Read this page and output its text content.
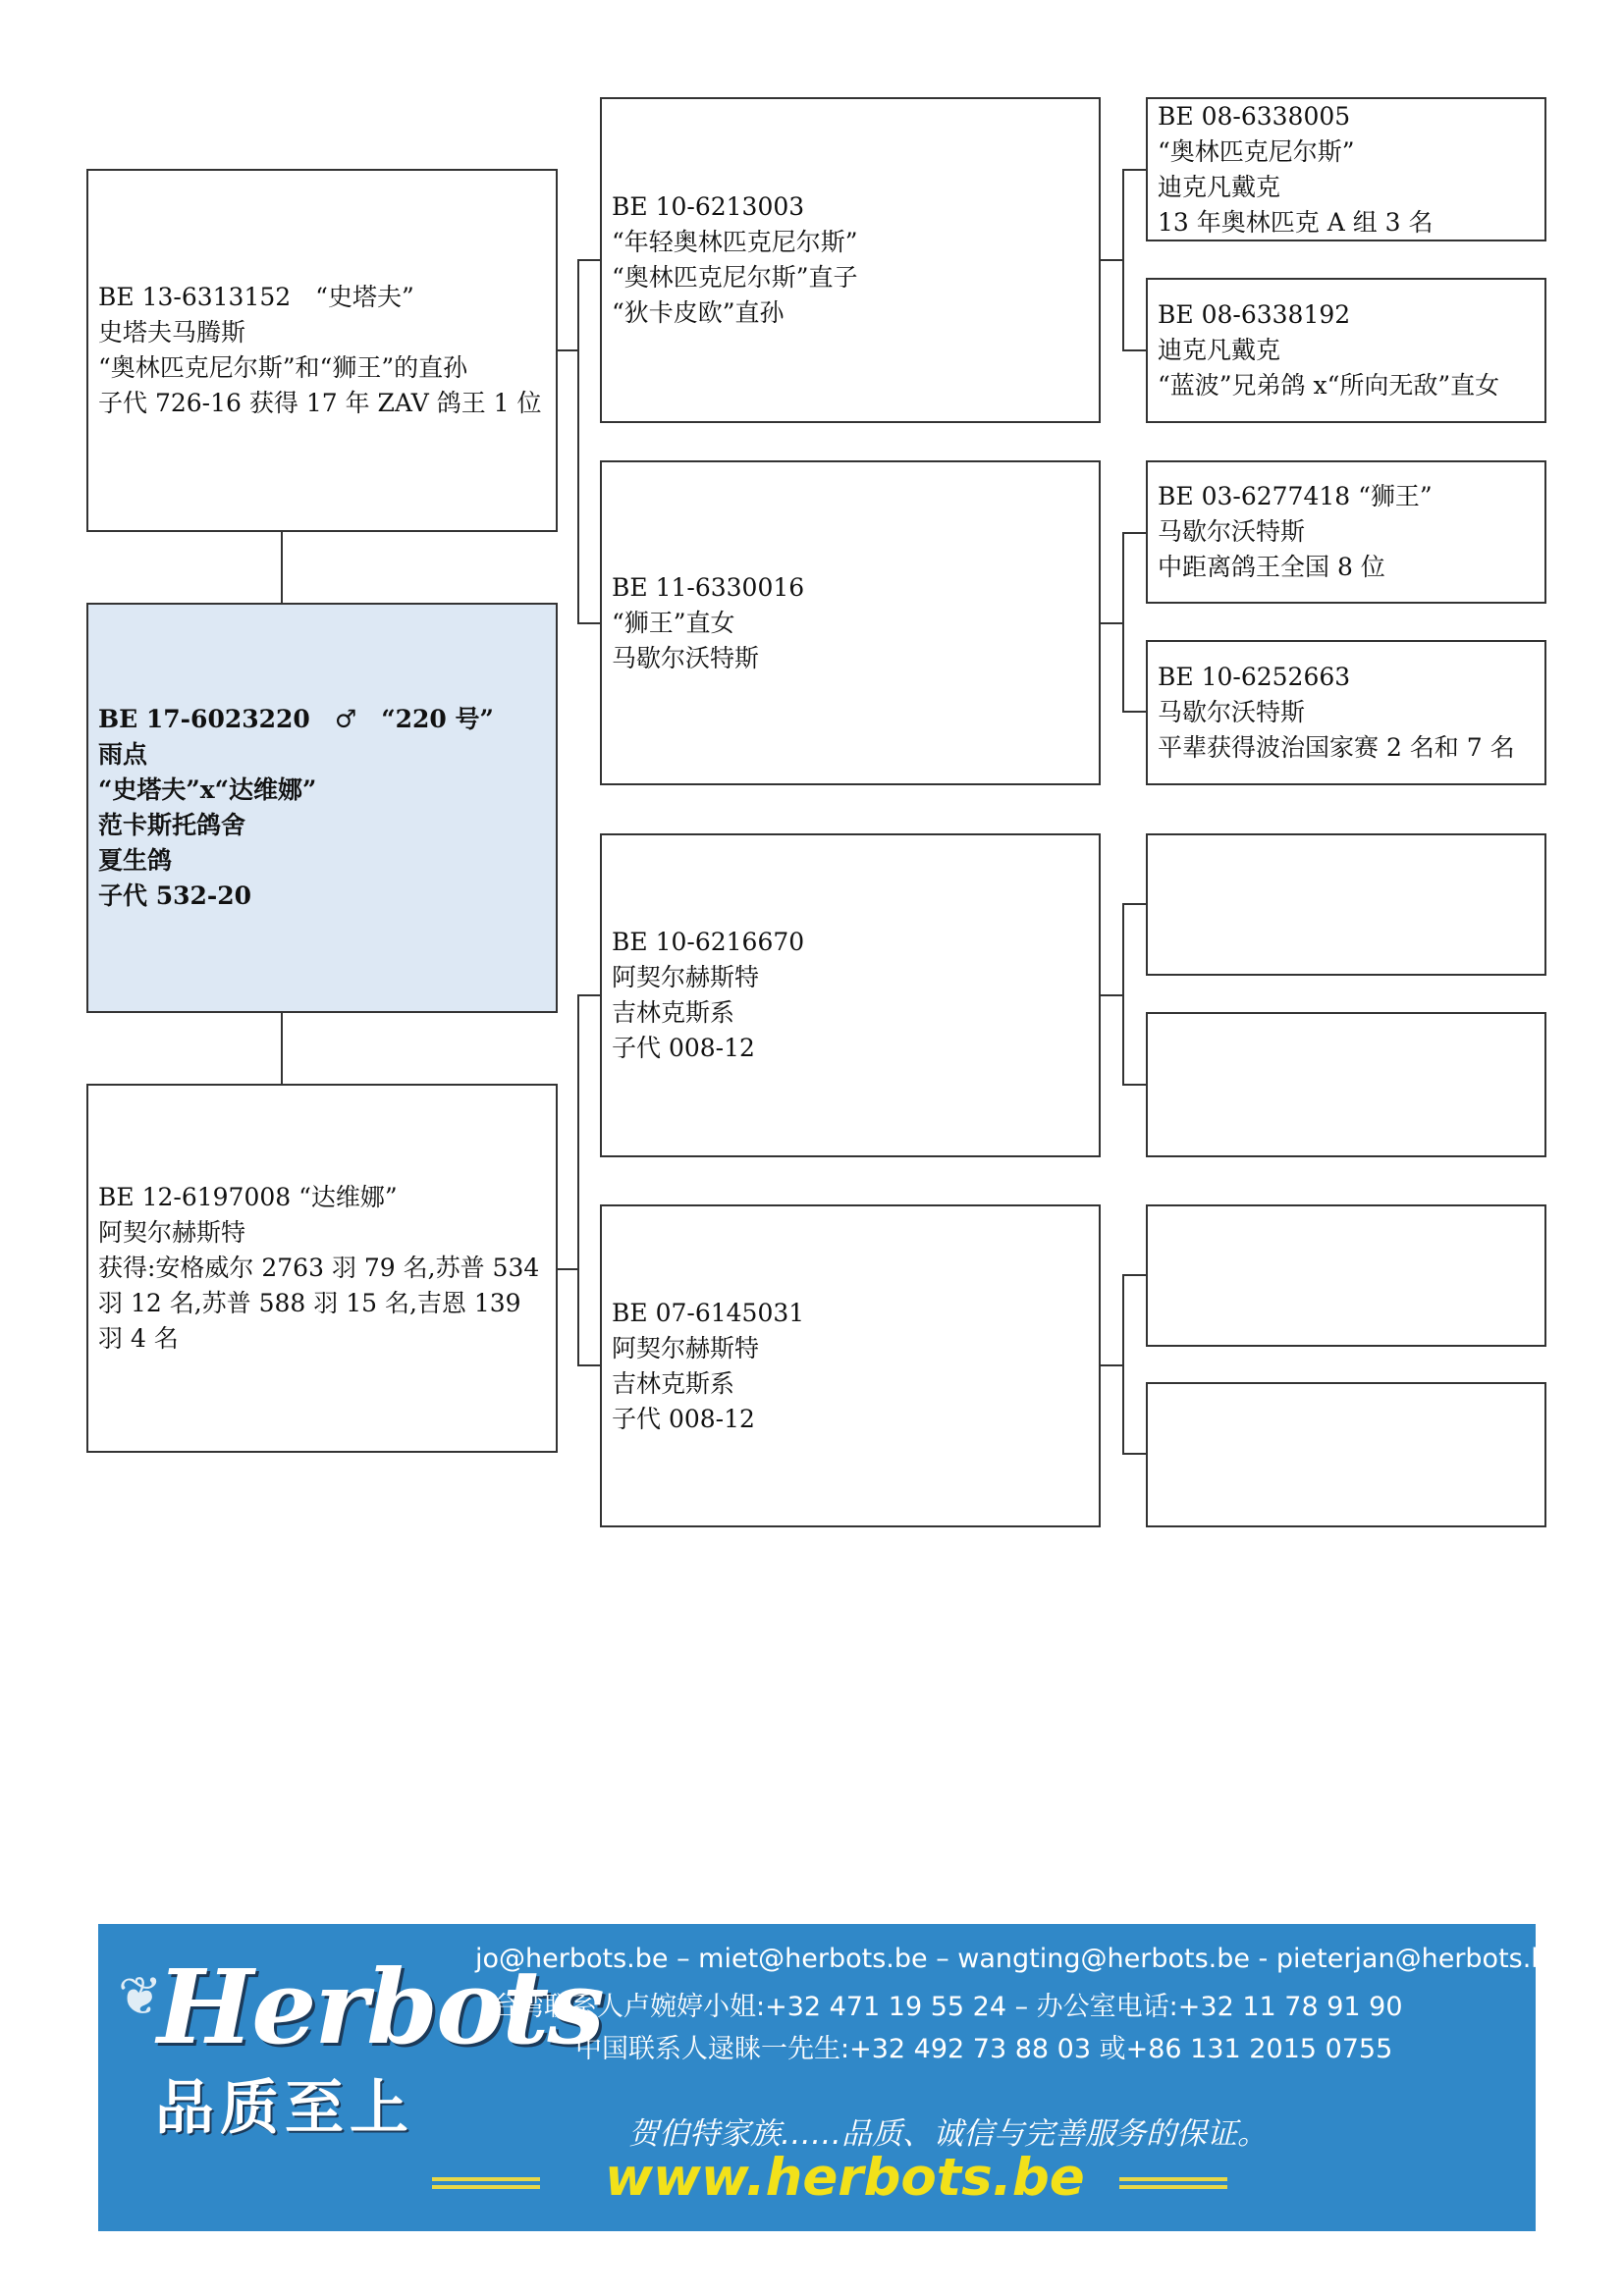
BE 13-6313152　“史塔夫”
史塔夫马腾斯
“奥林匹克尼尔斯”和“狮王”的直孙
子代 726-16 获得 17 年 ZAV 鸽王 1 位
BE 17-6023220　♂　“220 号”
雨点
“史塔夫”x“达维娜”
范卡斯托鸽舍
夏生鸽
子代 532-20
BE 12-6197008 “达维娜”
阿契尔赫斯特
获得:安格威尔 2763 羽 79 名,苏普 534 羽 12 名,苏普 588 羽 15 名,吉恩 139 羽 4 名
BE 10-6213003
“年轻奥林匹克尼尔斯”
“奥林匹克尼尔斯”直子
“狄卡皮欧”直孙
BE 11-6330016
“狮王”直女
马歇尔沃特斯
BE 10-6216670
阿契尔赫斯特
吉林克斯系
子代 008-12
BE 07-6145031
阿契尔赫斯特
吉林克斯系
子代 008-12
BE 08-6338005
“奥林匹克尼尔斯”
迪克凡戴克
13 年奥林匹克 A 组 3 名
BE 08-6338192
迪克凡戴克
“蓝波”兄弟鸽 x“所向无敌”直女
BE 03-6277418 “狮王”
马歇尔沃特斯
中距离鸽王全国 8 位
BE 10-6252663
马歇尔沃特斯
平辈获得波治国家赛 2 名和 7 名
❦
Herbots
品质至上
jo@herbots.be – miet@herbots.be – wangting@herbots.be - pieterjan@herbots.be
台湾联系人卢婉婷小姐:+32 471 19 55 24 – 办公室电话:+32 11 78 91 90
中国联系人逯睐一先生:+32 492 73 88 03 或+86 131 2015 0755
贺伯特家族……品质、诚信与完善服务的保证。
www.herbots.be
